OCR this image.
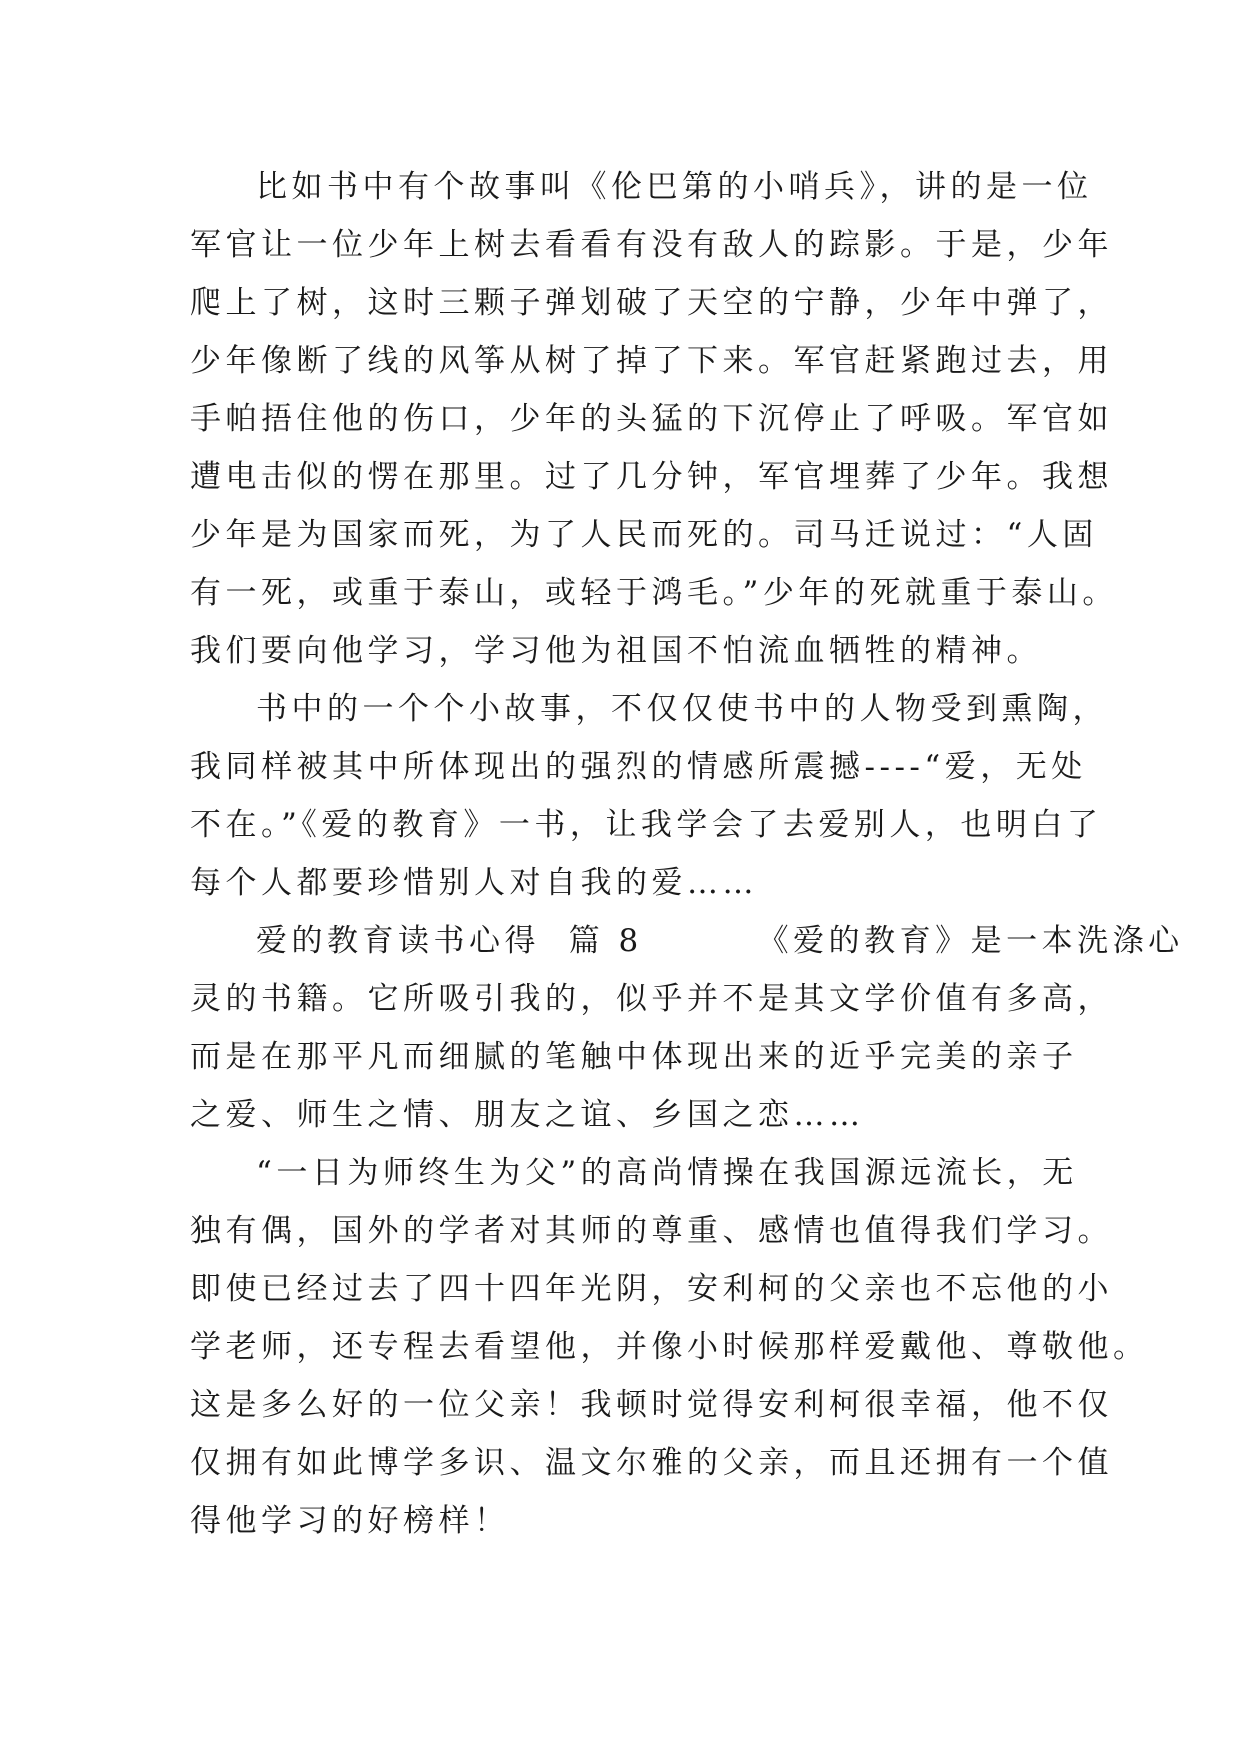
比如书中有个故事叫《伦巴第的小哨兵》，讲的是一位
军官让一位少年上树去看看有没有敌人的踪影。于是，少年
爬上了树，这时三颗子弹划破了天空的宁静，少年中弹了，
少年像断了线的风筝从树了掉了下来。军官赶紧跑过去，用
手帕捂住他的伤口，少年的头猛的下沉停止了呼吸。军官如
遭电击似的愣在那里。过了几分钟，军官埋葬了少年。我想
少年是为国家而死，为了人民而死的。司马迁说过：“人固
有一死，或重于泰山，或轻于鸿毛。”少年的死就重于泰山。
我们要向他学习，学习他为祖国不怕流血牺牲的精神。
书中的一个个小故事，不仅仅使书中的人物受到熏陶，
我同样被其中所体现出的强烈的情感所震撼----“爱，无处
不在。”《爱的教育》一书，让我学会了去爱别人，也明白了
每个人都要珍惜别人对自我的爱……
爱的教育读书心得  篇 8        《爱的教育》是一本洗涤心
灵的书籍。它所吸引我的，似乎并不是其文学价值有多高，
而是在那平凡而细腻的笔触中体现出来的近乎完美的亲子
之爱、师生之情、朋友之谊、乡国之恋……
“一日为师终生为父”的高尚情操在我国源远流长，无
独有偶，国外的学者对其师的尊重、感情也值得我们学习。
即使已经过去了四十四年光阴，安利柯的父亲也不忘他的小
学老师，还专程去看望他，并像小时候那样爱戴他、尊敬他。
这是多么好的一位父亲！我顿时觉得安利柯很幸福，他不仅
仅拥有如此博学多识、温文尔雅的父亲，而且还拥有一个值
得他学习的好榜样！
